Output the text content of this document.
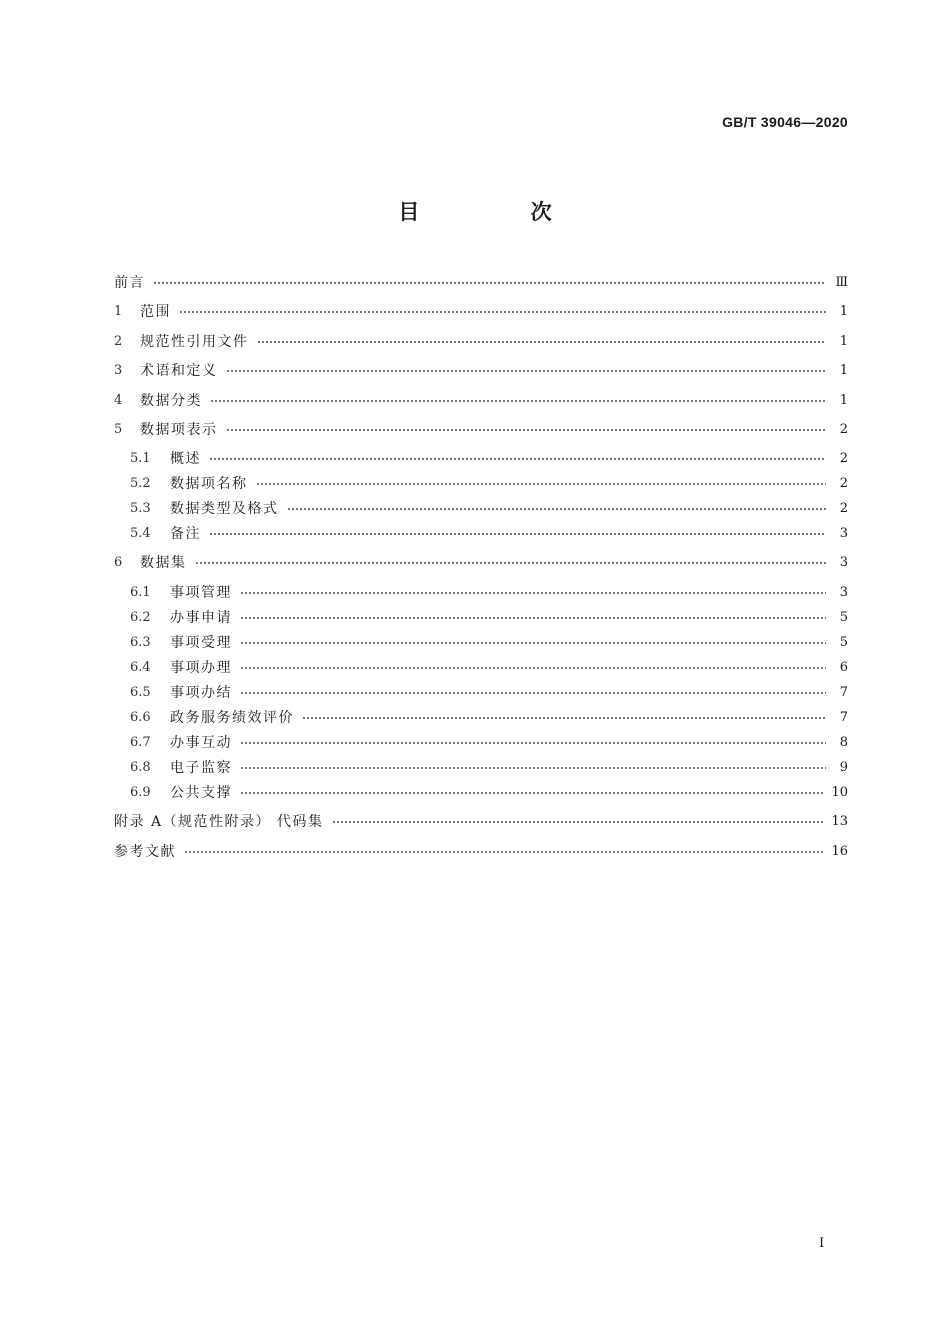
GB/T 39046—2020
目 次
前言	Ⅲ
1	范围	1
2	规范性引用文件	1
3	术语和定义	1
4	数据分类	1
5	数据项表示	2
5.1	概述	2
5.2	数据项名称	2
5.3	数据类型及格式	2
5.4	备注	3
6	数据集	3
6.1	事项管理	3
6.2	办事申请	5
6.3	事项受理	5
6.4	事项办理	6
6.5	事项办结	7
6.6	政务服务绩效评价	7
6.7	办事互动	8
6.8	电子监察	9
6.9	公共支撑	10
附录 A（规范性附录） 代码集	13
参考文献	16
I
